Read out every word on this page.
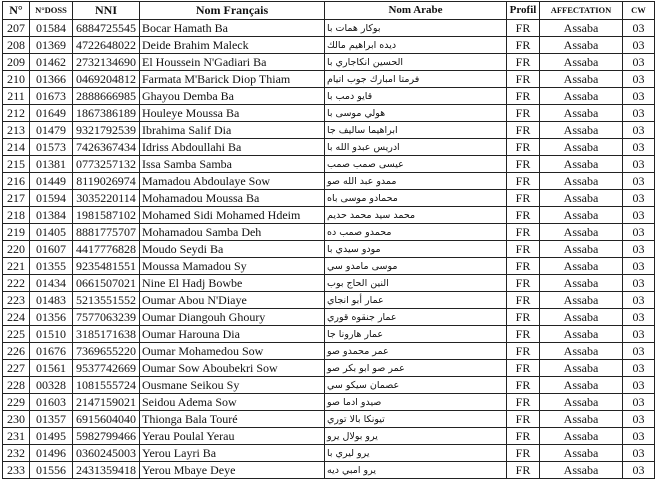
N°	N°DOSS	NNI	Nom Français	Nom Arabe	Profil	AFFECTATION	CW
207	01584	6884725545	Bocar Hamath Ba	بوكار همات با	FR	Assaba	03
208	01369	4722648022	Deide Brahim Maleck	ديده ابراهيم مالك	FR	Assaba	03
209	01462	2732134690	El Houssein N'Gadiari Ba	الحسين انكاجاري با	FR	Assaba	03
210	01366	0469204812	Farmata M'Barick Diop Thiam	فرمتا امبارك جوب اتيام	FR	Assaba	03
211	01673	2888666985	Ghayou Demba Ba	قايو دمب با	FR	Assaba	03
212	01649	1867386189	Houleye Moussa Ba	هولي موسى با	FR	Assaba	03
213	01479	9321792539	Ibrahima Salif Dia	ابراهيما ساليف جا	FR	Assaba	03
214	01573	7426367434	Idriss Abdoullahi Ba	ادريس عبدو الله با	FR	Assaba	03
215	01381	0773257132	Issa Samba Samba	عيسى صمب صمب	FR	Assaba	03
216	01449	8119026974	Mamadou Abdoulaye Sow	ممدو عبد الله صو	FR	Assaba	03
217	01594	3035220114	Mohamadou Moussa Ba	محمادو موسى باه	FR	Assaba	03
218	01384	1981587102	Mohamed Sidi Mohamed Hdeim	محمد سيد محمد حديم	FR	Assaba	03
219	01405	8881775707	Mohamadou Samba Deh	محمدو صمب ده	FR	Assaba	03
220	01607	4417776828	Moudo Seydi Ba	مودو سيدي با	FR	Assaba	03
221	01355	9235481551	Moussa Mamadou Sy	موسى مامدو سي	FR	Assaba	03
222	01434	0661507021	Nine El Hadj Bowbe	النين الحاج بوب	FR	Assaba	03
223	01483	5213551552	Oumar Abou N'Diaye	عمار أبو انجاي	FR	Assaba	03
224	01356	7577063239	Oumar Diangouh Ghoury	عمار جنقوه قوري	FR	Assaba	03
225	01510	3185171638	Oumar Harouna Dia	عمار هارونا جا	FR	Assaba	03
226	01676	7369655220	Oumar Mohamedou Sow	عمر محمدو صو	FR	Assaba	03
227	01561	9537742669	Oumar Sow Aboubekri Sow	عمر صو ابو بكر صو	FR	Assaba	03
228	00328	1081555724	Ousmane Seikou Sy	عصمان سيكو سي	FR	Assaba	03
229	01603	2147159021	Seidou Adema Sow	صيدو ادما صو	FR	Assaba	03
230	01357	6915604040	Thionga Bala Touré	تيونكا بالا توري	FR	Assaba	03
231	01495	5982799466	Yerau Poulal Yerau	يرو بولال يرو	FR	Assaba	03
232	01496	0360245003	Yerou Layri Ba	يرو ليري با	FR	Assaba	03
233	01556	2431359418	Yerou Mbaye Deye	يرو امبي ديه	FR	Assaba	03
